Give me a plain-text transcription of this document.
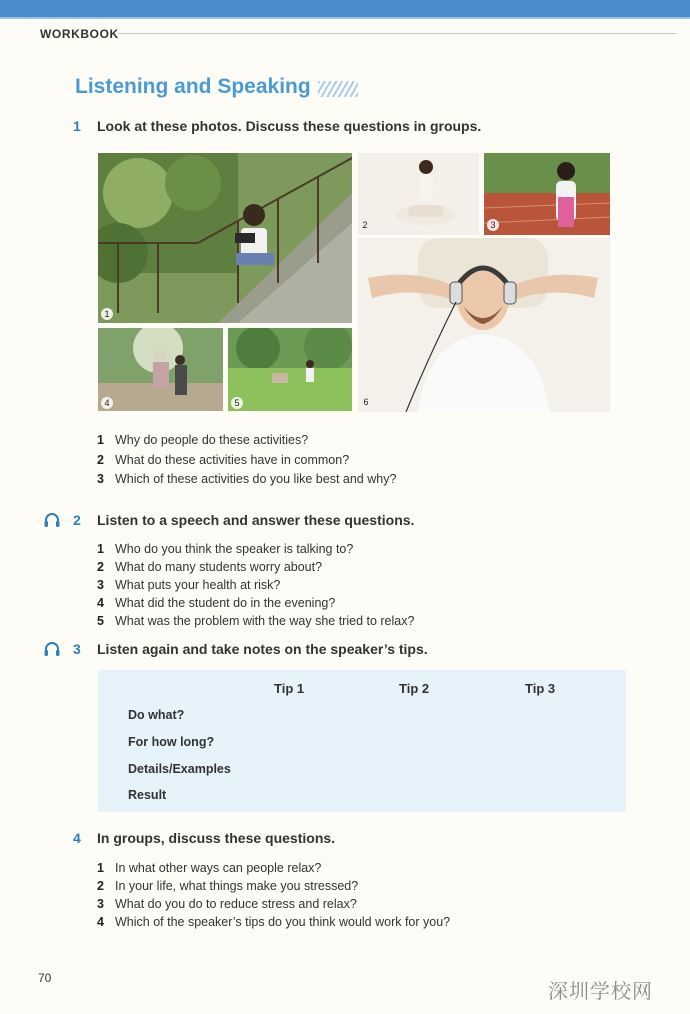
WORKBOOK
Listening and Speaking
1 Look at these photos. Discuss these questions in groups.
1
2	3
4	5	6
1 Why do people do these activities?
2 What do these activities have in common?
3 Which of these activities do you like best and why?
2 Listen to a speech and answer these questions.
1 Who do you think the speaker is talking to?
2 What do many students worry about?
3 What puts your health at risk?
4 What did the student do in the evening?
5 What was the problem with the way she tried to relax?
3 Listen again and take notes on the speaker’s tips.
Tip 1	Tip 2	Tip 3
Do what?
For how long?
Details/Examples
Result
4 In groups, discuss these questions.
1 In what other ways can people relax?
2 In your life, what things make you stressed?
3 What do you do to reduce stress and relax?
4 Which of the speaker’s tips do you think would work for you?
70
深圳学校网
